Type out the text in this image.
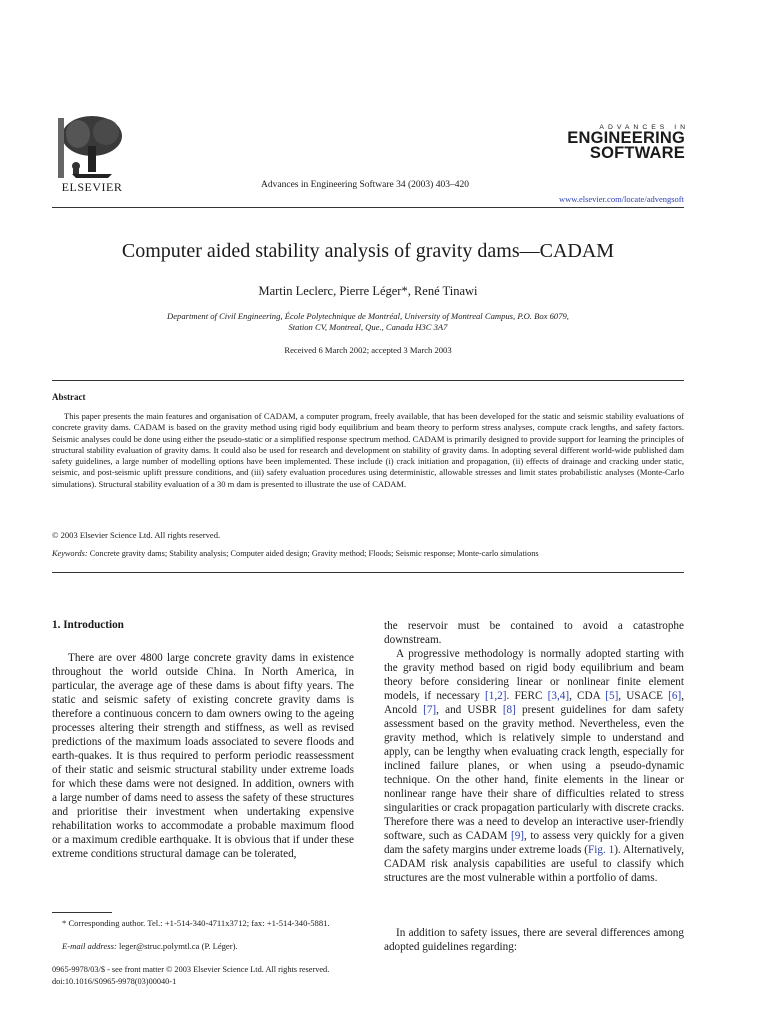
ELSEVIER	Advances in Engineering Software 34 (2003) 403–420
ADVANCES IN
ENGINEERING
SOFTWARE
www.elsevier.com/locate/advengsoft
Computer aided stability analysis of gravity dams—CADAM
Martin Leclerc, Pierre Léger*, René Tinawi
Department of Civil Engineering, École Polytechnique de Montréal, University of Montreal Campus, P.O. Box 6079,
Station CV, Montreal, Que., Canada H3C 3A7
Received 6 March 2002; accepted 3 March 2003
Abstract
This paper presents the main features and organisation of CADAM, a computer program, freely available, that has been developed for the static and seismic stability evaluations of concrete gravity dams. CADAM is based on the gravity method using rigid body equilibrium and beam theory to perform stress analyses, compute crack lengths, and safety factors. Seismic analyses could be done using either the pseudo-static or a simplified response spectrum method. CADAM is primarily designed to provide support for learning the principles of structural stability evaluation of gravity dams. It could also be used for research and development on stability of gravity dams. In adopting several different world-wide published dam safety guidelines, a large number of modelling options have been implemented. These include (i) crack initiation and propagation, (ii) effects of drainage and cracking under static, seismic, and post-seismic uplift pressure conditions, and (iii) safety evaluation procedures using deterministic, allowable stresses and limit states probabilistic analyses (Monte-Carlo simulations). Structural stability evaluation of a 30 m dam is presented to illustrate the use of CADAM.
© 2003 Elsevier Science Ltd. All rights reserved.
Keywords: Concrete gravity dams; Stability analysis; Computer aided design; Gravity method; Floods; Seismic response; Monte-carlo simulations
1. Introduction
There are over 4800 large concrete gravity dams in existence throughout the world outside China. In North America, in particular, the average age of these dams is about fifty years. The static and seismic safety of existing concrete gravity dams is therefore a continuous concern to dam owners owing to the ageing processes altering their strength and stiffness, as well as revised predictions of the maximum loads associated to severe floods and earth-quakes. It is thus required to perform periodic reassessment of their static and seismic structural stability under extreme loads for which these dams were not designed. In addition, owners with a large number of dams need to assess the safety of these structures and prioritise their investment when undertaking expensive rehabilitation works to accommodate a probable maximum flood or a maximum credible earthquake. It is obvious that if under these extreme conditions structural damage can be tolerated,
the reservoir must be contained to avoid a catastrophe downstream.
A progressive methodology is normally adopted starting with the gravity method based on rigid body equilibrium and beam theory before considering linear or nonlinear finite element models, if necessary [1,2]. FERC [3,4], CDA [5], USACE [6], Ancold [7], and USBR [8] present guidelines for dam safety assessment based on the gravity method. Nevertheless, even the gravity method, which is relatively simple to understand and apply, can be lengthy when evaluating crack length, especially for inclined failure planes, or when using a pseudo-dynamic technique. On the other hand, finite elements in the linear or nonlinear range have their share of difficulties related to stress singularities or crack propagation particularly with discrete cracks. Therefore there was a need to develop an interactive user-friendly software, such as CADAM [9], to assess very quickly for a given dam the safety margins under extreme loads (Fig. 1). Alternatively, CADAM risk analysis capabilities are useful to classify which structures are the most vulnerable within a portfolio of dams.
In addition to safety issues, there are several differences among adopted guidelines regarding:
* Corresponding author. Tel.: +1-514-340-4711x3712; fax: +1-514-340-5881.
E-mail address: leger@struc.polymtl.ca (P. Léger).
0965-9978/03/$ - see front matter © 2003 Elsevier Science Ltd. All rights reserved.
doi:10.1016/S0965-9978(03)00040-1
